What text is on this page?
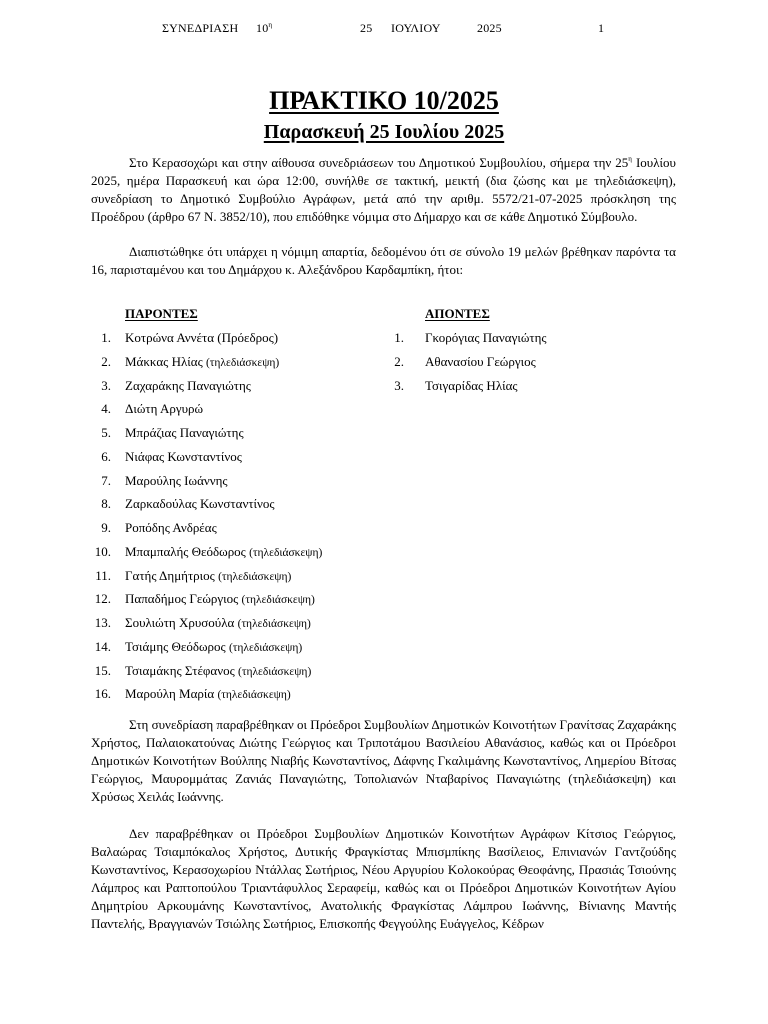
ΣΥΝΕΔΡΙΑΣΗ $10^\eta$	25 ΙΟΥΛΙΟΥ	2025	1
ΠΡΑΚΤΙΚΟ 10/2025
Παρασκευή 25 Ιουλίου 2025

Στο Κερασοχώρι και στην αίθουσα συνεδριάσεων του Δημοτικού Συμβουλίου, σήμερα την $25^\eta$ Ιουλίου 2025, ημέρα Παρασκευή και ώρα 12:00, συνήλθε σε τακτική, μεικτή (δια ζώσης και με τηλεδιάσκεψη), συνεδρίαση το Δημοτικό Συμβούλιο Αγράφων, μετά από την αριθμ. 5572/21-07-2025 πρόσκληση της Προέδρου (άρθρο 67 Ν. 3852/10), που επιδόθηκε νόμιμα στο Δήμαρχο και σε κάθε Δημοτικό Σύμβουλο.

Διαπιστώθηκε ότι υπάρχει η νόμιμη απαρτία, δεδομένου ότι σε σύνολο 19 μελών βρέθηκαν παρόντα τα 16, παρισταμένου και του Δημάρχου κ. Αλεξάνδρου Καρδαμπίκη, ήτοι:

ΠΑΡΟΝΤΕΣ	ΑΠΟΝΤΕΣ
1. Κοτρώνα Αννέτα (Πρόεδρος)
2. Μάκκας Ηλίας (τηλεδιάσκεψη)
3. Ζαχαράκης Παναγιώτης
4. Διώτη Αργυρώ
5. Μπράζιας Παναγιώτης
6. Νιάφας Κωνσταντίνος
7. Μαρούλης Ιωάννης
8. Ζαρκαδούλας Κωνσταντίνος
9. Ροπόδης Ανδρέας
10. Μπαμπαλής Θεόδωρος (τηλεδιάσκεψη)
11. Γατής Δημήτριος (τηλεδιάσκεψη)
12. Παπαδήμος Γεώργιος (τηλεδιάσκεψη)
13. Σουλιώτη Χρυσούλα (τηλεδιάσκεψη)
14. Τσιάμης Θεόδωρος (τηλεδιάσκεψη)
15. Τσιαμάκης Στέφανος (τηλεδιάσκεψη)
16. Μαρούλη Μαρία (τηλεδιάσκεψη)
1. Γκορόγιας Παναγιώτης
2. Αθανασίου Γεώργιος
3. Τσιγαρίδας Ηλίας

Στη συνεδρίαση παραβρέθηκαν οι Πρόεδροι Συμβουλίων Δημοτικών Κοινοτήτων Γρανίτσας Ζαχαράκης Χρήστος, Παλαιοκατούνας Διώτης Γεώργιος και Τριποτάμου Βασιλείου Αθανάσιος, καθώς και οι Πρόεδροι Δημοτικών Κοινοτήτων Βούλπης Νιαβής Κωνσταντίνος, Δάφνης Γκαλιμάνης Κωνσταντίνος, Λημερίου Βίτσας Γεώργιος, Μαυρομμάτας Ζανιάς Παναγιώτης, Τοπολιανών Νταβαρίνος Παναγιώτης (τηλεδιάσκεψη) και Χρύσως Χειλάς Ιωάννης.

Δεν παραβρέθηκαν οι Πρόεδροι Συμβουλίων Δημοτικών Κοινοτήτων Αγράφων Κίτσιος Γεώργιος, Βαλαώρας Τσιαμπόκαλος Χρήστος, Δυτικής Φραγκίστας Μπισμπίκης Βασίλειος, Επινιανών Γαντζούδης Κωνσταντίνος, Κερασοχωρίου Ντάλλας Σωτήριος, Νέου Αργυρίου Κολοκούρας Θεοφάνης, Πρασιάς Τσιούνης Λάμπρος και Ραπτοπούλου Τριαντάφυλλος Σεραφείμ, καθώς και οι Πρόεδροι Δημοτικών Κοινοτήτων Αγίου Δημητρίου Αρκουμάνης Κωνσταντίνος, Ανατολικής Φραγκίστας Λάμπρου Ιωάννης, Βίνιανης Μαντής Παντελής, Βραγγιανών Τσιώλης Σωτήριος, Επισκοπής Φεγγούλης Ευάγγελος, Κέδρων
